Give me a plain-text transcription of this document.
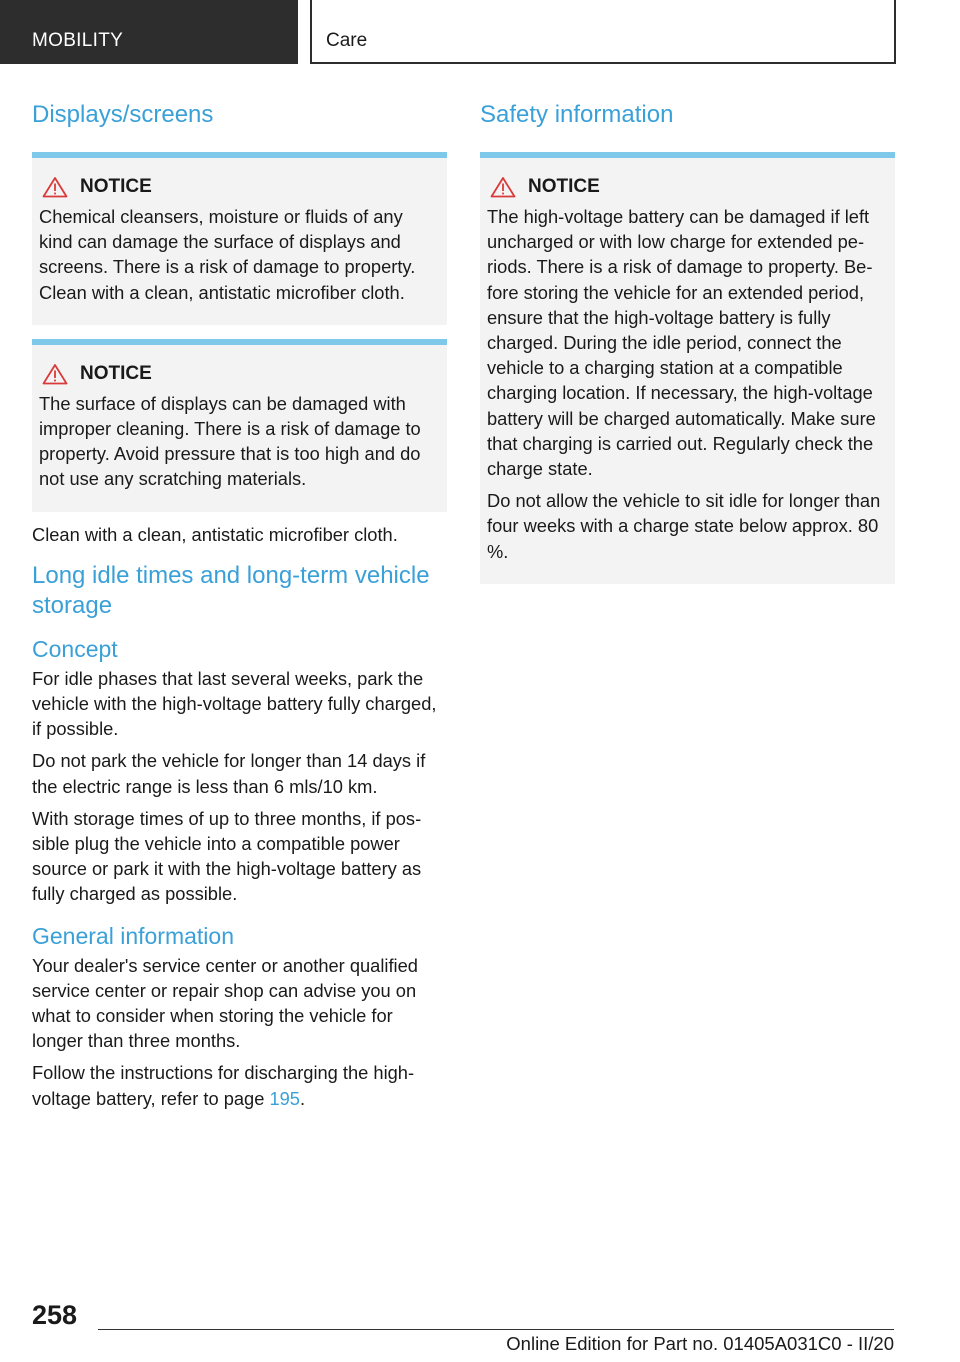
MOBILITY	Care
Displays/screens
NOTICE

Chemical cleansers, moisture or fluids of any kind can damage the surface of displays and screens. There is a risk of damage to property. Clean with a clean, antistatic microfiber cloth.

NOTICE

The surface of displays can be damaged with improper cleaning. There is a risk of damage to property. Avoid pressure that is too high and do not use any scratching materials.

Clean with a clean, antistatic microfiber cloth.

Long idle times and long-term vehicle storage
Concept

For idle phases that last several weeks, park the vehicle with the high-voltage battery fully charged, if possible.

Do not park the vehicle for longer than 14 days if the electric range is less than 6 mls/10 km.

With storage times of up to three months, if possible plug the vehicle into a compatible power source or park it with the high-voltage battery as fully charged as possible.

General information

Your dealer's service center or another qualified service center or repair shop can advise you on what to consider when storing the vehicle for longer than three months.

Follow the instructions for discharging the high-voltage battery, refer to page 195.

Safety information
NOTICE

The high-voltage battery can be damaged if left uncharged or with low charge for extended periods. There is a risk of damage to property. Before storing the vehicle for an extended period, ensure that the high-voltage battery is fully charged. During the idle period, connect the vehicle to a charging station at a compatible charging location. If necessary, the high-voltage battery will be charged automatically. Make sure that charging is carried out. Regularly check the charge state.

Do not allow the vehicle to sit idle for longer than four weeks with a charge state below approx. 80 %.

258
Online Edition for Part no. 01405A031C0 - II/20
